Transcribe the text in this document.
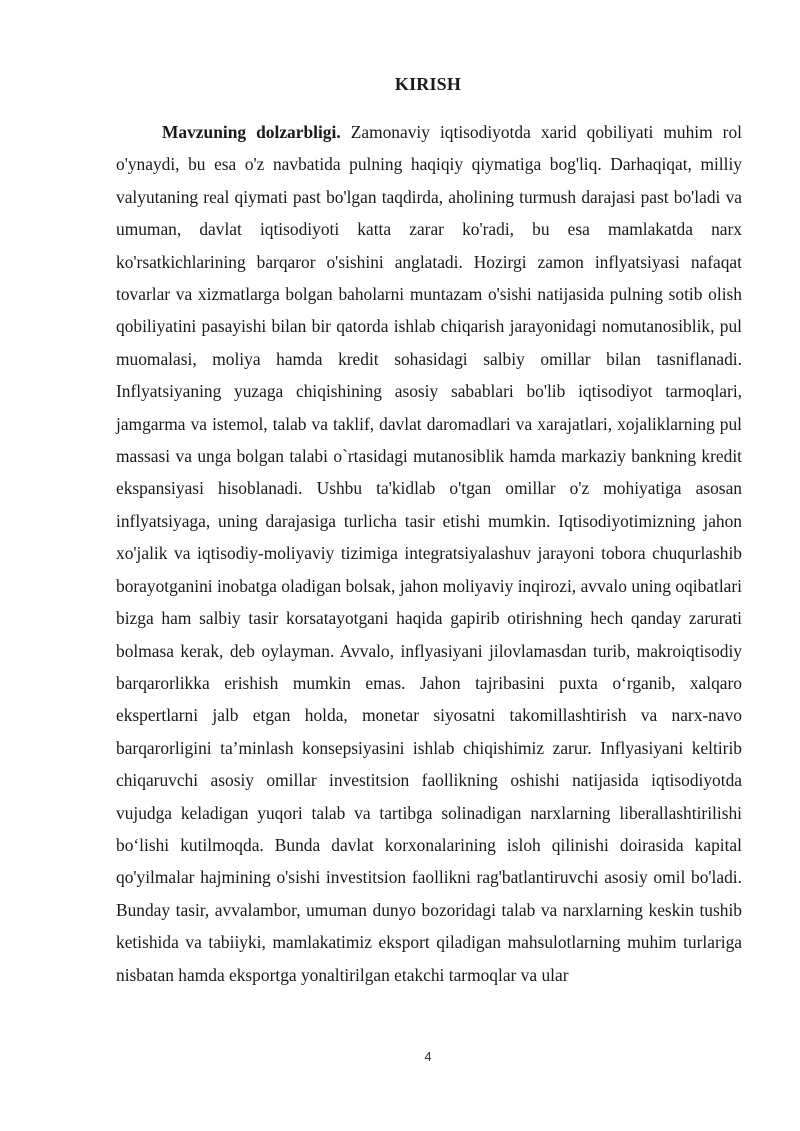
KIRISH

Mavzuning dolzarbligi. Zamonaviy iqtisodiyotda xarid qobiliyati muhim rol o'ynaydi, bu esa o'z navbatida pulning haqiqiy qiymatiga bog'liq. Darhaqiqat, milliy valyutaning real qiymati past bo'lgan taqdirda, aholining turmush darajasi past bo'ladi va umuman, davlat iqtisodiyoti katta zarar ko'radi, bu esa mamlakatda narx ko'rsatkichlarining barqaror o'sishini anglatadi. Hozirgi zamon inflyatsiyasi nafaqat tovarlar va xizmatlarga bolgan baholarni muntazam o'sishi natijasida pulning sotib olish qobiliyatini pasayishi bilan bir qatorda ishlab chiqarish jarayonidagi nomutanosiblik, pul muomalasi, moliya hamda kredit sohasidagi salbiy omillar bilan tasniflanadi. Inflyatsiyaning yuzaga chiqishining asosiy sabablari bo'lib iqtisodiyot tarmoqlari, jamgarma va istemol, talab va taklif, davlat daromadlari va xarajatlari, xojaliklarning pul massasi va unga bolgan talabi o`rtasidagi mutanosiblik hamda markaziy bankning kredit ekspansiyasi hisoblanadi. Ushbu ta'kidlab o'tgan omillar o'z mohiyatiga asosan inflyatsiyaga, uning darajasiga turlicha tasir etishi mumkin. Iqtisodiyotimizning jahon xo'jalik va iqtisodiy-moliyaviy tizimiga integratsiyalashuv jarayoni tobora chuqurlashib borayotganini inobatga oladigan bolsak, jahon moliyaviy inqirozi, avvalo uning oqibatlari bizga ham salbiy tasir korsatayotgani haqida gapirib otirishning hech qanday zarurati bolmasa kerak, deb oylayman. Avvalo, inflyasiyani jilovlamasdan turib, makroiqtisodiy barqarorlikka erishish mumkin emas. Jahon tajribasini puxta o‘rganib, xalqaro ekspertlarni jalb etgan holda, monetar siyosatni takomillashtirish va narx-navo barqarorligini ta’minlash konsepsiyasini ishlab chiqishimiz zarur. Inflyasiyani keltirib chiqaruvchi asosiy omillar investitsion faollikning oshishi natijasida iqtisodiyotda vujudga keladigan yuqori talab va tartibga solinadigan narxlarning liberallashtirilishi bo‘lishi kutilmoqda. Bunda davlat korxonalarining isloh qilinishi doirasida kapital qo'yilmalar hajmining o'sishi investitsion faollikni rag'batlantiruvchi asosiy omil bo'ladi. Bunday tasir, avvalambor, umuman dunyo bozoridagi talab va narxlarning keskin tushib ketishida va tabiiyki, mamlakatimiz eksport qiladigan mahsulotlarning muhim turlariga nisbatan hamda eksportga yonaltirilgan etakchi tarmoqlar va ular

4
